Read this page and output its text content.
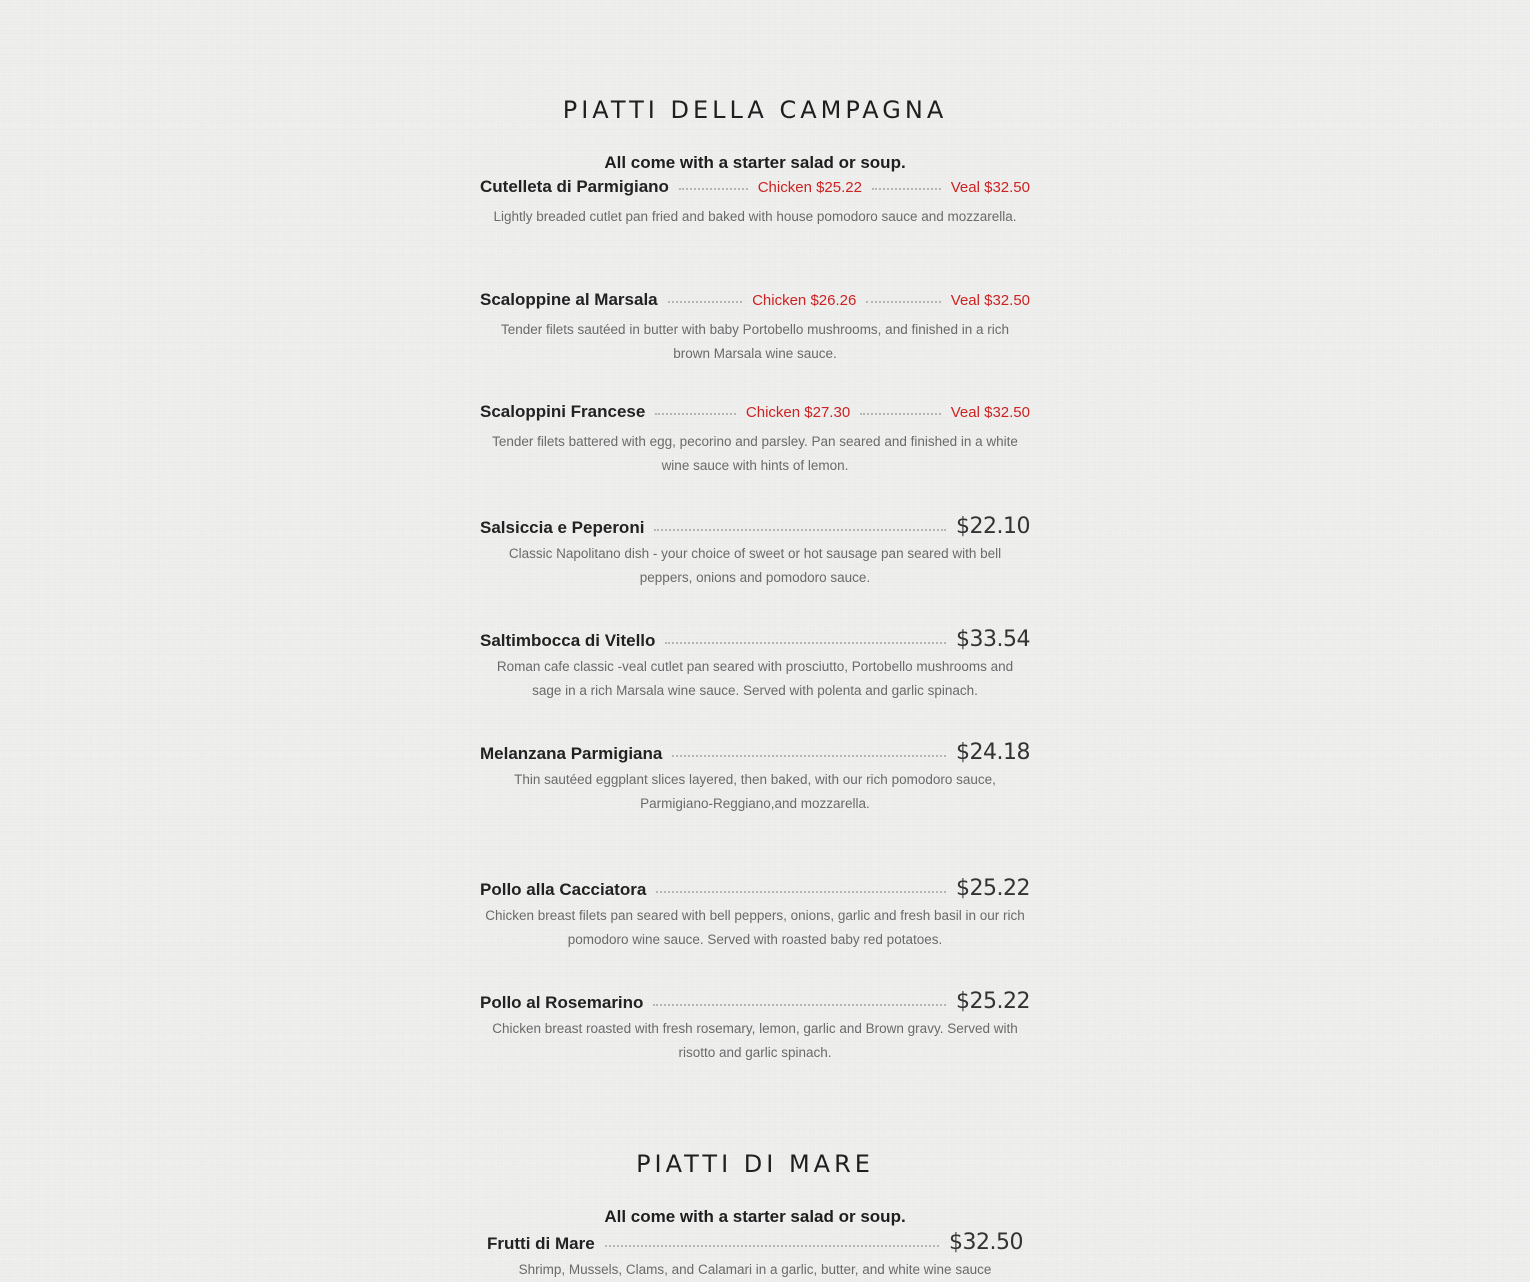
PIATTI DELLA CAMPAGNA

All come with a starter salad or soup.

Cutelleta di Parmigiano	Chicken $25.22	Veal $32.50

Lightly breaded cutlet pan fried and baked with house pomodoro sauce and mozzarella.

Scaloppine al Marsala	Chicken $26.26	Veal $32.50

Tender filets sautéed in butter with baby Portobello mushrooms, and finished in a rich brown Marsala wine sauce.

Scaloppini Francese	Chicken $27.30	Veal $32.50

Tender filets battered with egg, pecorino and parsley. Pan seared and finished in a white wine sauce with hints of lemon.

Salsiccia e Peperoni	$22.10

Classic Napolitano dish - your choice of sweet or hot sausage pan seared with bell peppers, onions and pomodoro sauce.

Saltimbocca di Vitello	$33.54

Roman cafe classic -veal cutlet pan seared with prosciutto, Portobello mushrooms and sage in a rich Marsala wine sauce. Served with polenta and garlic spinach.

Melanzana Parmigiana	$24.18

Thin sautéed eggplant slices layered, then baked, with our rich pomodoro sauce, Parmigiano-Reggiano,and mozzarella.

Pollo alla Cacciatora	$25.22

Chicken breast filets pan seared with bell peppers, onions, garlic and fresh basil in our rich pomodoro wine sauce. Served with roasted baby red potatoes.

Pollo al Rosemarino	$25.22

Chicken breast roasted with fresh rosemary, lemon, garlic and Brown gravy. Served with risotto and garlic spinach.

PIATTI DI MARE

All come with a starter salad or soup.

Frutti di Mare	$32.50

Shrimp, Mussels, Clams, and Calamari in a garlic, butter, and white wine sauce
